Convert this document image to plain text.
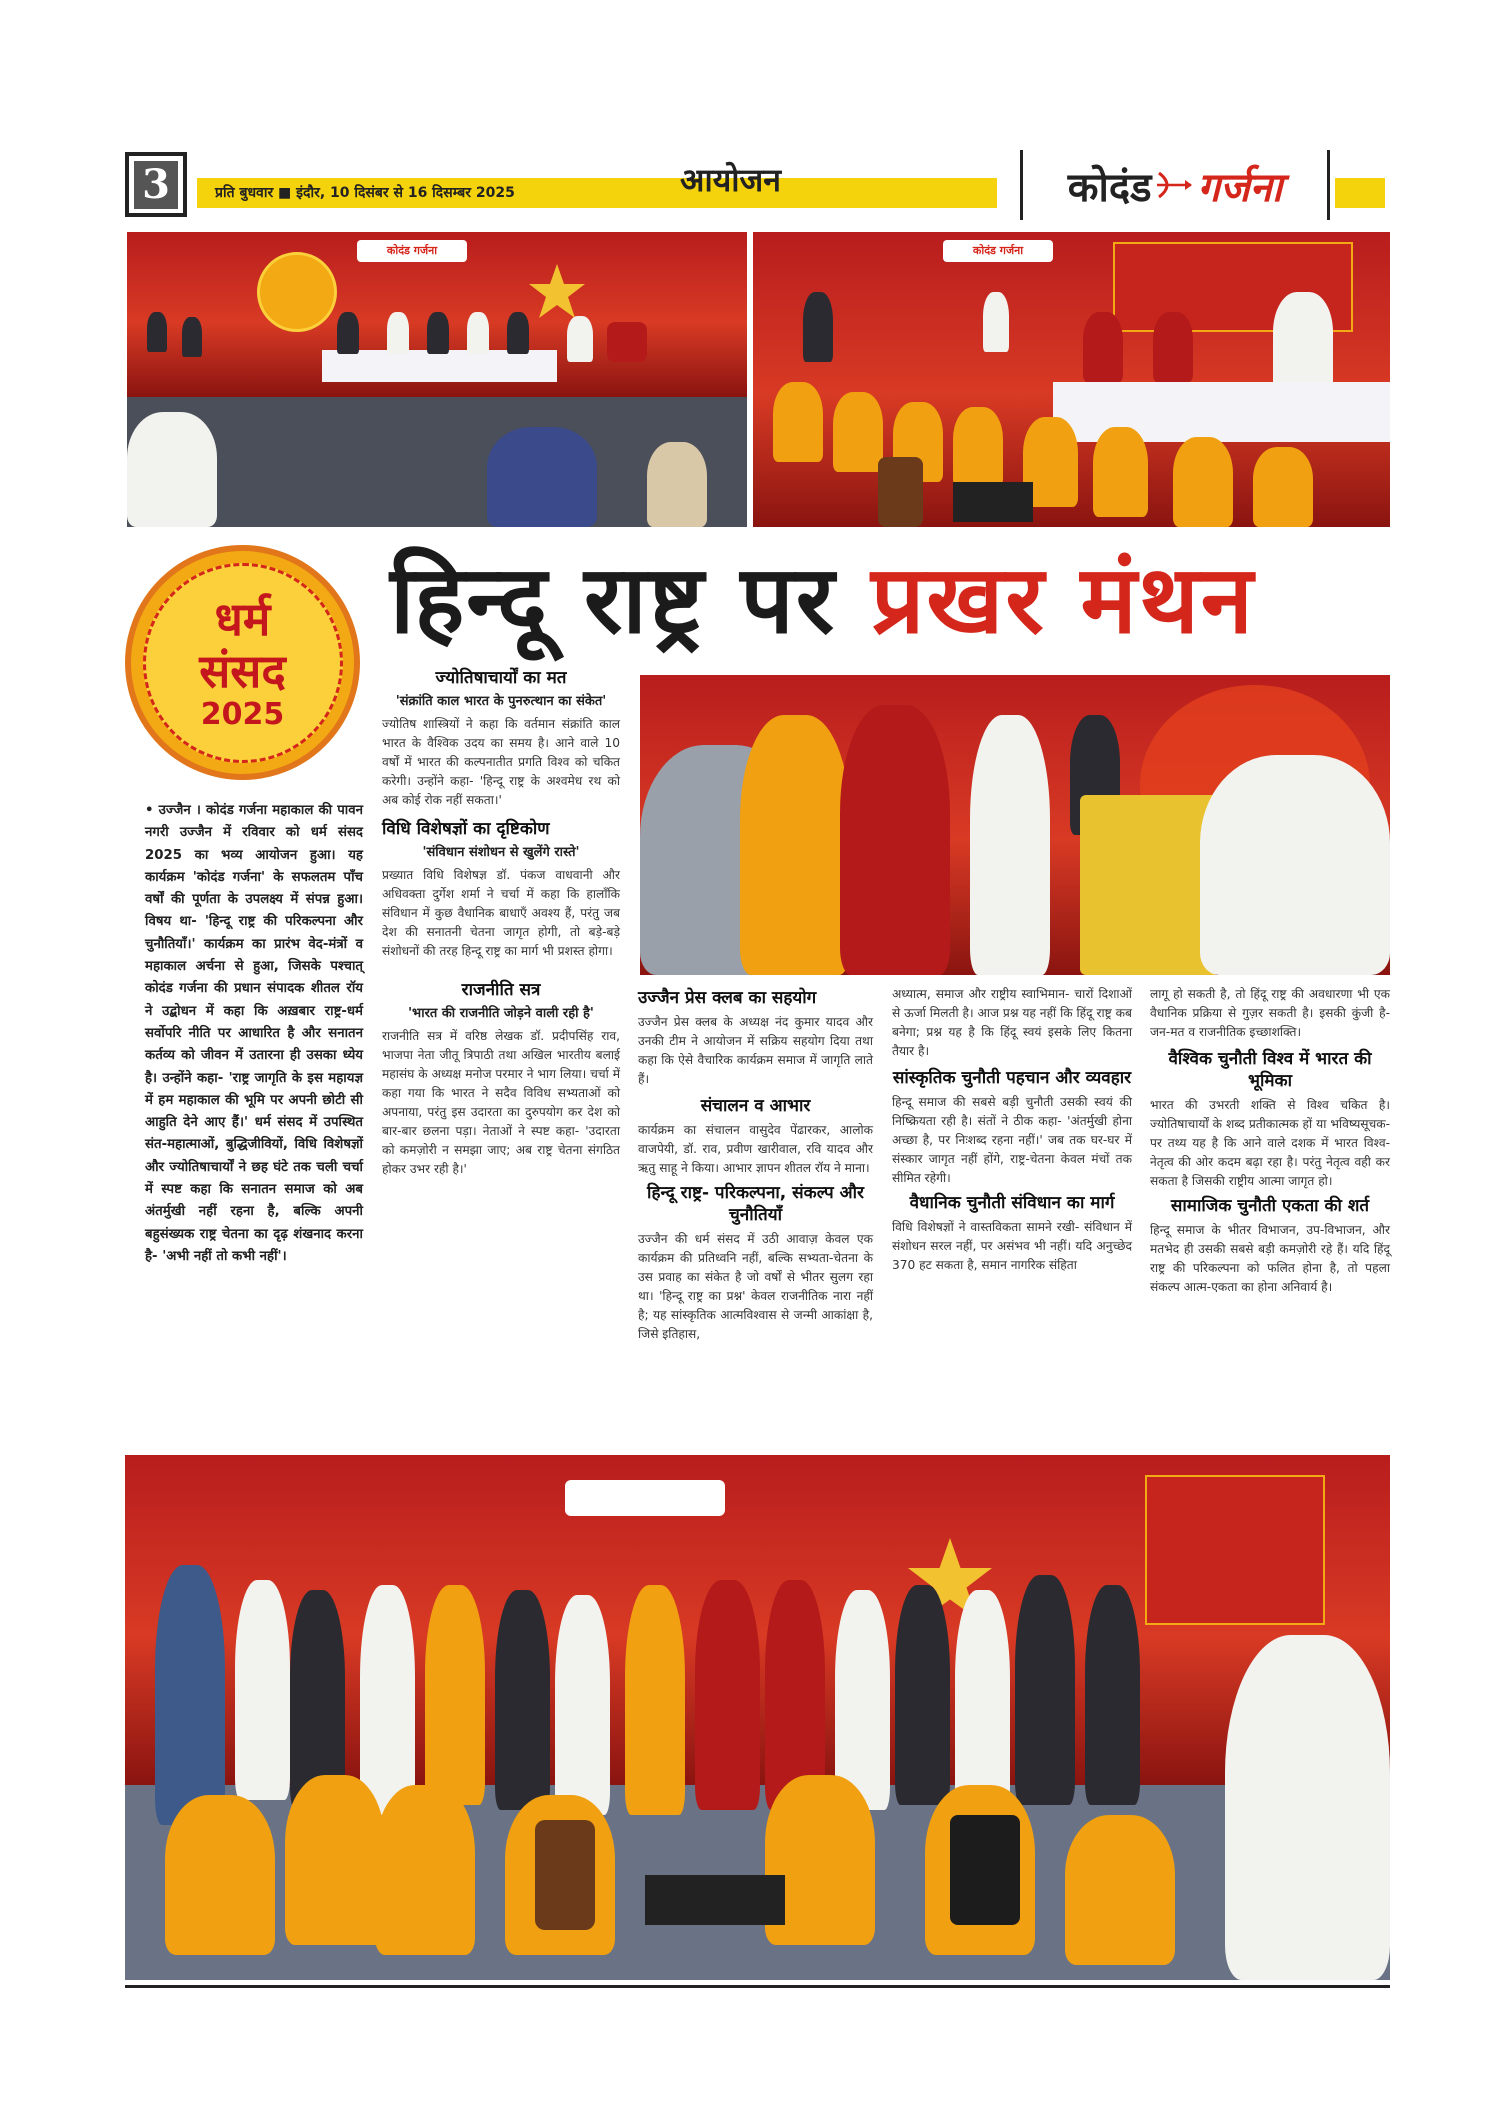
3	प्रति बुधवार ■ इंदौर, 10 दिसंबर से 16 दिसम्बर 2025	आयोजन	कोदंड गर्जना
कोदंड गर्जना	कोदंड गर्जना
धर्म
संसद
2025
हिन्दू राष्ट्र पर प्रखर मंथन
• उज्जैन । कोदंड गर्जना महाकाल की पावन नगरी उज्जैन में रविवार को धर्म संसद 2025 का भव्य आयोजन हुआ। यह कार्यक्रम 'कोदंड गर्जना' के सफलतम पाँच वर्षों की पूर्णता के उपलक्ष्य में संपन्न हुआ। विषय था- 'हिन्दू राष्ट्र की परिकल्पना और चुनौतियाँ।' कार्यक्रम का प्रारंभ वेद-मंत्रों व महाकाल अर्चना से हुआ, जिसके पश्चात् कोदंड गर्जना की प्रधान संपादक शीतल रॉय ने उद्बोधन में कहा कि अख़बार राष्ट्र-धर्म सर्वोपरि नीति पर आधारित है और सनातन कर्तव्य को जीवन में उतारना ही उसका ध्येय है। उन्होंने कहा- 'राष्ट्र जागृति के इस महायज्ञ में हम महाकाल की भूमि पर अपनी छोटी सी आहुति देने आए हैं।' धर्म संसद में उपस्थित संत-महात्माओं, बुद्धिजीवियों, विधि विशेषज्ञों और ज्योतिषाचार्यों ने छह घंटे तक चली चर्चा में स्पष्ट कहा कि सनातन समाज को अब अंतर्मुखी नहीं रहना है, बल्कि अपनी बहुसंख्यक राष्ट्र चेतना का दृढ़ शंखनाद करना है- 'अभी नहीं तो कभी नहीं'।
ज्योतिषाचार्यों का मत
'संक्रांति काल भारत के पुनरुत्थान का संकेत'

ज्योतिष शास्त्रियों ने कहा कि वर्तमान संक्रांति काल भारत के वैश्विक उदय का समय है। आने वाले 10 वर्षों में भारत की कल्पनातीत प्रगति विश्व को चकित करेगी। उन्होंने कहा- 'हिन्दू राष्ट्र के अश्वमेध रथ को अब कोई रोक नहीं सकता।'

विधि विशेषज्ञों का दृष्टिकोण
'संविधान संशोधन से खुलेंगे रास्ते'

प्रख्यात विधि विशेषज्ञ डॉ. पंकज वाधवानी और अधिवक्ता दुर्गेश शर्मा ने चर्चा में कहा कि हालाँकि संविधान में कुछ वैधानिक बाधाएँ अवश्य हैं, परंतु जब देश की सनातनी चेतना जागृत होगी, तो बड़े-बड़े संशोधनों की तरह हिन्दू राष्ट्र का मार्ग भी प्रशस्त होगा।

राजनीति सत्र
'भारत की राजनीति जोड़ने वाली रही है'

राजनीति सत्र में वरिष्ठ लेखक डॉ. प्रदीपसिंह राव, भाजपा नेता जीतू त्रिपाठी तथा अखिल भारतीय बलाई महासंघ के अध्यक्ष मनोज परमार ने भाग लिया। चर्चा में कहा गया कि भारत ने सदैव विविध सभ्यताओं को अपनाया, परंतु इस उदारता का दुरुपयोग कर देश को बार-बार छलना पड़ा। नेताओं ने स्पष्ट कहा- 'उदारता को कमज़ोरी न समझा जाए; अब राष्ट्र चेतना संगठित होकर उभर रही है।'

उज्जैन प्रेस क्लब का सहयोग

उज्जैन प्रेस क्लब के अध्यक्ष नंद कुमार यादव और उनकी टीम ने आयोजन में सक्रिय सहयोग दिया तथा कहा कि ऐसे वैचारिक कार्यक्रम समाज में जागृति लाते हैं।

संचालन व आभार

कार्यक्रम का संचालन वासुदेव पेंढारकर, आलोक वाजपेयी, डॉ. राव, प्रवीण खारीवाल, रवि यादव और ऋतु साहू ने किया। आभार ज्ञापन शीतल रॉय ने माना।

हिन्दू राष्ट्र- परिकल्पना, संकल्प और चुनौतियाँ

उज्जैन की धर्म संसद में उठी आवाज़ केवल एक कार्यक्रम की प्रतिध्वनि नहीं, बल्कि सभ्यता-चेतना के उस प्रवाह का संकेत है जो वर्षों से भीतर सुलग रहा था। 'हिन्दू राष्ट्र का प्रश्न' केवल राजनीतिक नारा नहीं है; यह सांस्कृतिक आत्मविश्वास से जन्मी आकांक्षा है, जिसे इतिहास,

अध्यात्म, समाज और राष्ट्रीय स्वाभिमान- चारों दिशाओं से ऊर्जा मिलती है। आज प्रश्न यह नहीं कि हिंदू राष्ट्र कब बनेगा; प्रश्न यह है कि हिंदू स्वयं इसके लिए कितना तैयार है।

सांस्कृतिक चुनौती पहचान और व्यवहार

हिन्दू समाज की सबसे बड़ी चुनौती उसकी स्वयं की निष्क्रियता रही है। संतों ने ठीक कहा- 'अंतर्मुखी होना अच्छा है, पर निःशब्द रहना नहीं।' जब तक घर-घर में संस्कार जागृत नहीं होंगे, राष्ट्र-चेतना केवल मंचों तक सीमित रहेगी।

वैधानिक चुनौती संविधान का मार्ग

विधि विशेषज्ञों ने वास्तविकता सामने रखी- संविधान में संशोधन सरल नहीं, पर असंभव भी नहीं। यदि अनुच्छेद 370 हट सकता है, समान नागरिक संहिता

लागू हो सकती है, तो हिंदू राष्ट्र की अवधारणा भी एक वैधानिक प्रक्रिया से गुज़र सकती है। इसकी कुंजी है- जन-मत व राजनीतिक इच्छाशक्ति।

वैश्विक चुनौती विश्व में भारत की भूमिका

भारत की उभरती शक्ति से विश्व चकित है। ज्योतिषाचार्यों के शब्द प्रतीकात्मक हों या भविष्यसूचक- पर तथ्य यह है कि आने वाले दशक में भारत विश्व-नेतृत्व की ओर कदम बढ़ा रहा है। परंतु नेतृत्व वही कर सकता है जिसकी राष्ट्रीय आत्मा जागृत हो।

सामाजिक चुनौती एकता की शर्त

हिन्दू समाज के भीतर विभाजन, उप-विभाजन, और मतभेद ही उसकी सबसे बड़ी कमज़ोरी रहे हैं। यदि हिंदू राष्ट्र की परिकल्पना को फलित होना है, तो पहला संकल्प आत्म-एकता का होना अनिवार्य है।
